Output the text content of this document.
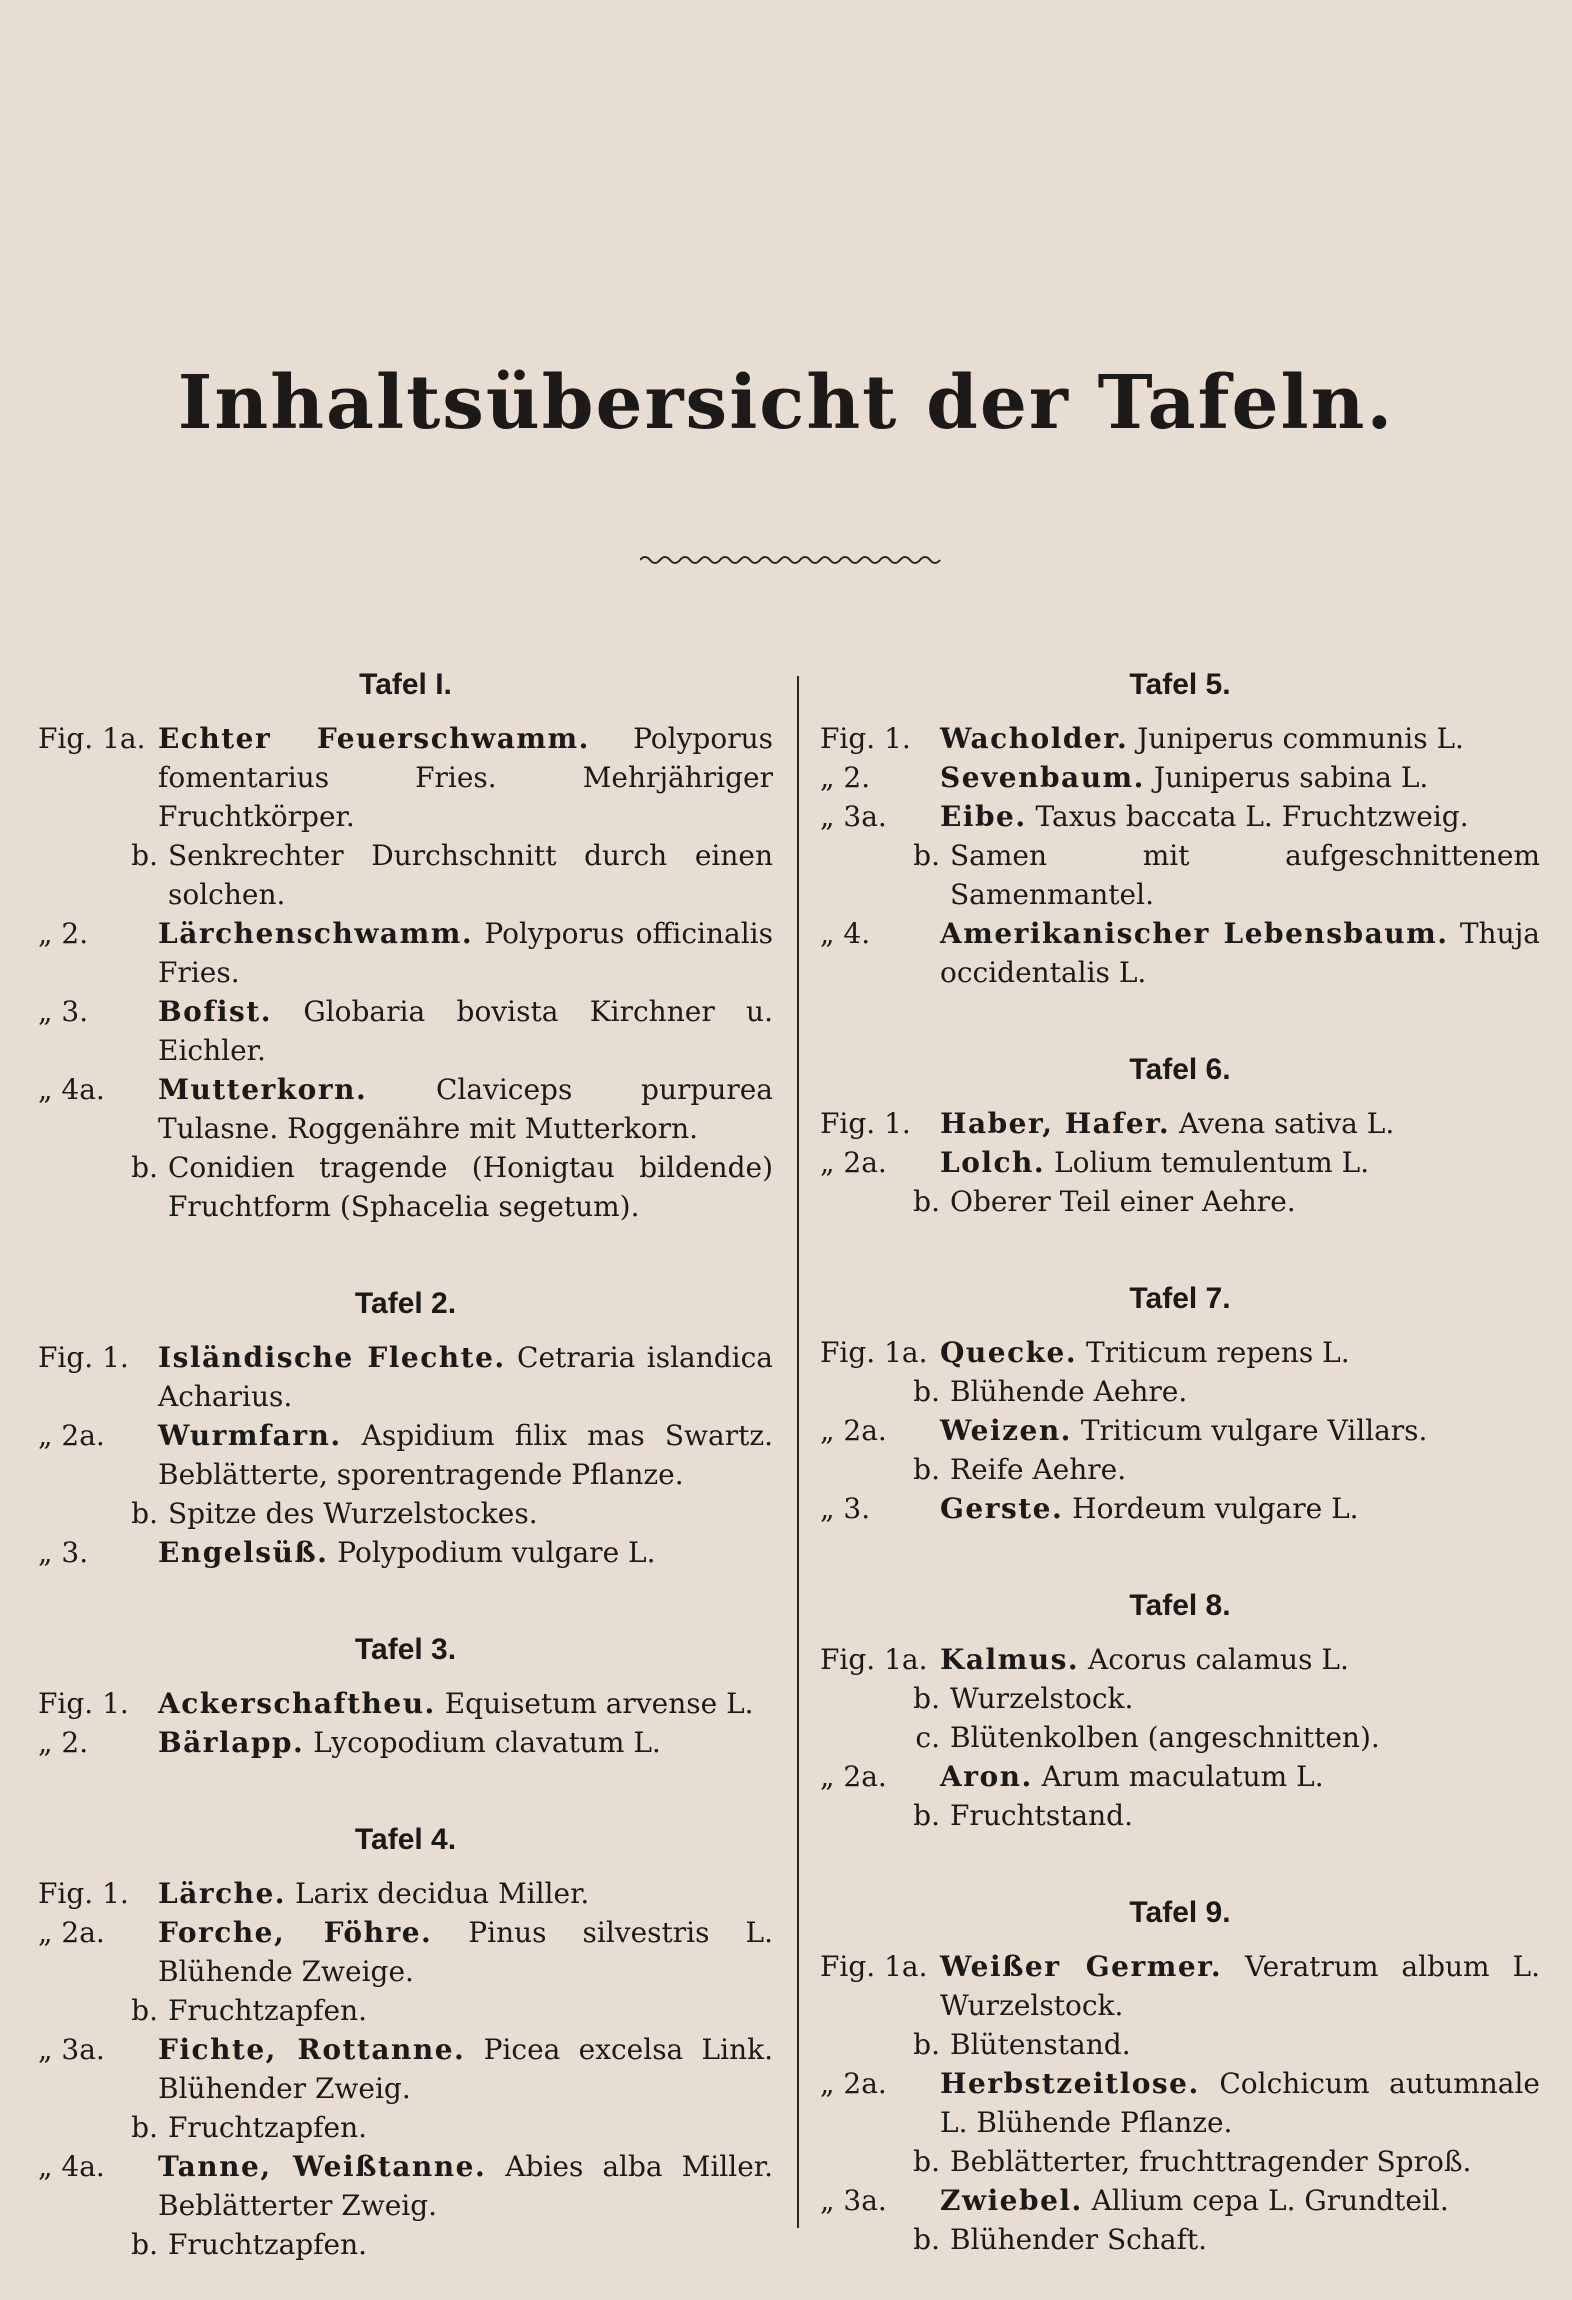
Inhaltsübersicht der Tafeln.
Tafel I.
Fig. 1a. Echter Feuerschwamm. Polyporus fomentarius Fries. Mehrjähriger Fruchtkörper.
b. Senkrechter Durchschnitt durch einen solchen.
„ 2.	Lärchenschwamm. Polyporus officinalis Fries.
„ 3.	Bofist. Globaria bovista Kirchner u. Eichler.
„ 4a.	Mutterkorn. Claviceps purpurea Tulasne. Roggenähre mit Mutterkorn.
b. Conidien tragende (Honigtau bildende) Fruchtform (Sphacelia segetum).
Tafel 2.
Fig. 1.	Isländische Flechte. Cetraria islandica Acharius.
„ 2a.	Wurmfarn. Aspidium filix mas Swartz. Beblätterte, sporentragende Pflanze.
b. Spitze des Wurzelstockes.
„ 3.	Engelsüß. Polypodium vulgare L.
Tafel 3.
Fig. 1.	Ackerschaftheu. Equisetum arvense L.
„ 2.	Bärlapp. Lycopodium clavatum L.
Tafel 4.
Fig. 1.	Lärche. Larix decidua Miller.
„ 2a.	Forche, Föhre. Pinus silvestris L. Blühende Zweige.
b. Fruchtzapfen.
„ 3a.	Fichte, Rottanne. Picea excelsa Link. Blühender Zweig.
b. Fruchtzapfen.
„ 4a.	Tanne, Weißtanne. Abies alba Miller. Beblätterter Zweig.
b. Fruchtzapfen.
Tafel 5.
Fig. 1.	Wacholder. Juniperus communis L.
„ 2.	Sevenbaum. Juniperus sabina L.
„ 3a.	Eibe. Taxus baccata L. Fruchtzweig.
b. Samen mit aufgeschnittenem Samenmantel.
„ 4.	Amerikanischer Lebensbaum. Thuja occidentalis L.
Tafel 6.
Fig. 1.	Haber, Hafer. Avena sativa L.
„ 2a.	Lolch. Lolium temulentum L.
b. Oberer Teil einer Aehre.
Tafel 7.
Fig. 1a. Quecke. Triticum repens L.
b. Blühende Aehre.
„ 2a.	Weizen. Triticum vulgare Villars.
b. Reife Aehre.
„ 3.	Gerste. Hordeum vulgare L.
Tafel 8.
Fig. 1a. Kalmus. Acorus calamus L.
b. Wurzelstock.
c. Blütenkolben (angeschnitten).
„ 2a.	Aron. Arum maculatum L.
b. Fruchtstand.
Tafel 9.
Fig. 1a. Weißer Germer. Veratrum album L. Wurzelstock.
b. Blütenstand.
„ 2a.	Herbstzeitlose. Colchicum autumnale L. Blühende Pflanze.
b. Beblätterter, fruchttragender Sproß.
„ 3a.	Zwiebel. Allium cepa L. Grundteil.
b. Blühender Schaft.
